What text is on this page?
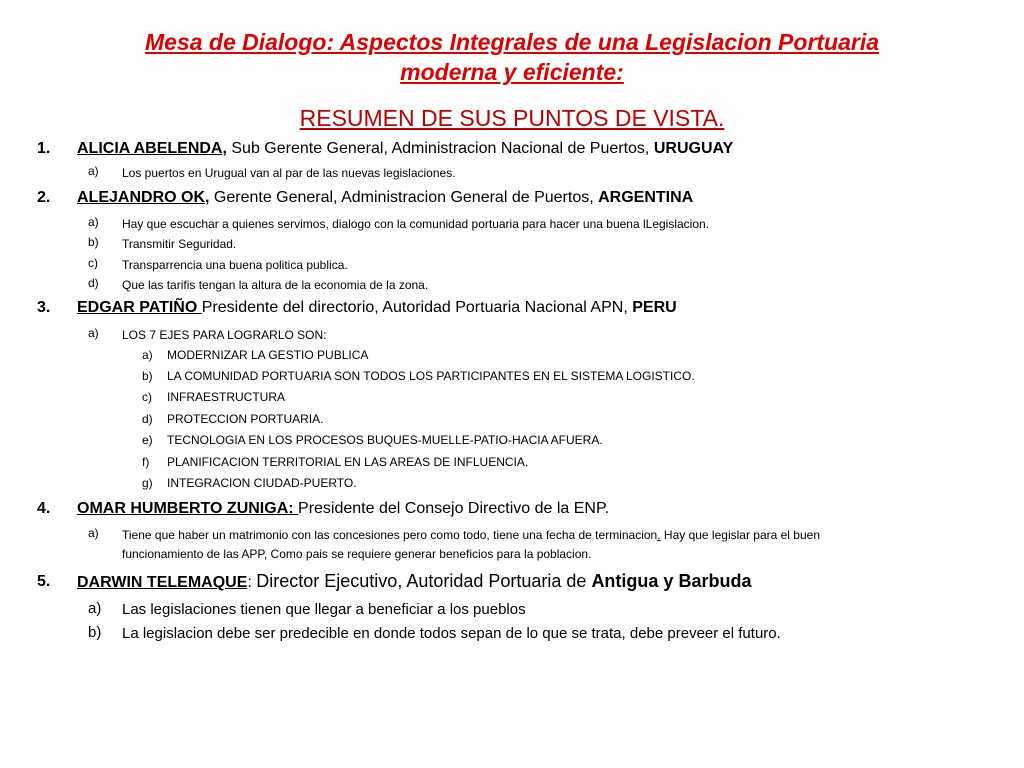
Mesa de Dialogo: Aspectos Integrales de una Legislacion Portuaria
moderna y eficiente:
RESUMEN DE SUS PUNTOS DE VISTA.
1. ALICIA ABELENDA, Sub Gerente General, Administracion Nacional de Puertos, URUGUAY
a) Los puertos en Urugual van al par de las nuevas legislaciones.
2. ALEJANDRO OK, Gerente General, Administracion General de Puertos, ARGENTINA
a) Hay que escuchar a quienes servimos, dialogo con la comunidad portuaria para hacer una buena lLegislacion.
b) Transmitir Seguridad.
c) Transparrencia una buena politica publica.
d) Que las tarifis tengan la altura de la economia de la zona.
3. EDGAR PATIÑO Presidente del directorio, Autoridad Portuaria Nacional APN, PERU
a) LOS 7 EJES PARA LOGRARLO SON:
a) MODERNIZAR LA GESTIO PUBLICA
b) LA COMUNIDAD PORTUARIA SON TODOS LOS PARTICIPANTES EN EL SISTEMA LOGISTICO.
c) INFRAESTRUCTURA
d) PROTECCION PORTUARIA.
e) TECNOLOGIA EN LOS PROCESOS BUQUES-MUELLE-PATIO-HACIA AFUERA.
f) PLANIFICACION TERRITORIAL EN LAS AREAS DE INFLUENCIA.
g) INTEGRACION CIUDAD-PUERTO.
4. OMAR HUMBERTO ZUNIGA: Presidente del Consejo Directivo de la ENP.
a) Tiene que haber un matrimonio con las concesiones pero como todo, tiene una fecha de terminacion. Hay que legislar para el buen
funcionamiento de las APP, Como pais se requiere generar beneficios para la poblacion.
5. DARWIN TELEMAQUE: Director Ejecutivo, Autoridad Portuaria de Antigua y Barbuda
a) Las legislaciones tienen que llegar a beneficiar a los pueblos
b) La legislacion debe ser predecible en donde todos sepan de lo que se trata, debe preveer el futuro.
